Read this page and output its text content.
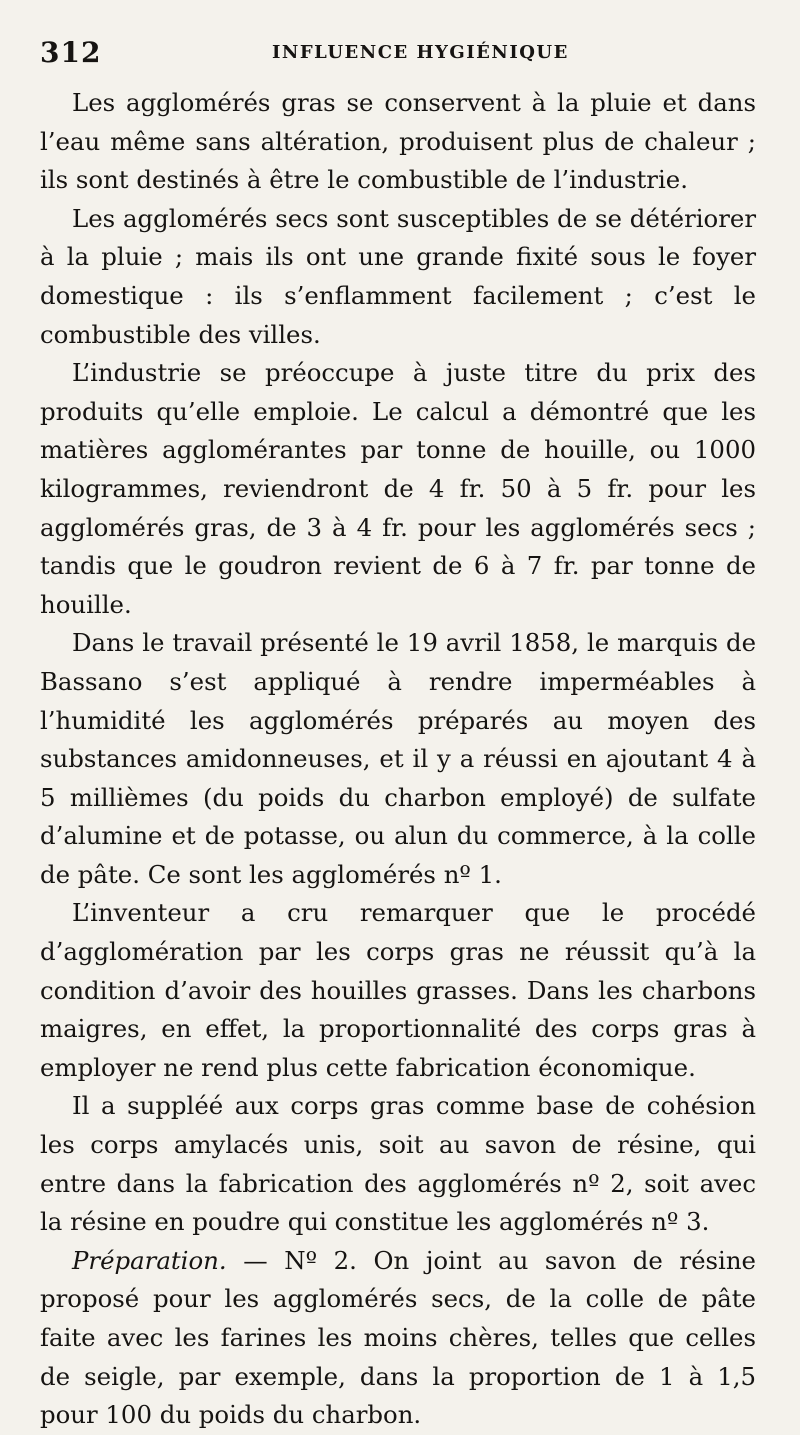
312	INFLUENCE HYGIÉNIQUE

Les agglomérés gras se conservent à la pluie et dans l’eau même sans altération, produisent plus de chaleur ; ils sont destinés à être le combustible de l’industrie.

Les agglomérés secs sont susceptibles de se détériorer à la pluie ; mais ils ont une grande fixité sous le foyer domestique : ils s’enflamment facilement ; c’est le combustible des villes.

L’industrie se préoccupe à juste titre du prix des produits qu’elle emploie. Le calcul a démontré que les matières agglomérantes par tonne de houille, ou 1000 kilogrammes, reviendront de 4 fr. 50 à 5 fr. pour les agglomérés gras, de 3 à 4 fr. pour les agglomérés secs ; tandis que le goudron revient de 6 à 7 fr. par tonne de houille.

Dans le travail présenté le 19 avril 1858, le marquis de Bassano s’est appliqué à rendre imperméables à l’humidité les agglomérés préparés au moyen des substances amidonneuses, et il y a réussi en ajoutant 4 à 5 millièmes (du poids du charbon employé) de sulfate d’alumine et de potasse, ou alun du commerce, à la colle de pâte. Ce sont les agglomérés nº 1.

L’inventeur a cru remarquer que le procédé d’agglomération par les corps gras ne réussit qu’à la condition d’avoir des houilles grasses. Dans les charbons maigres, en effet, la proportionnalité des corps gras à employer ne rend plus cette fabrication économique.

Il a suppléé aux corps gras comme base de cohésion les corps amylacés unis, soit au savon de résine, qui entre dans la fabrication des agglomérés nº 2, soit avec la résine en poudre qui constitue les agglomérés nº 3.

Préparation. — Nº 2. On joint au savon de résine proposé pour les agglomérés secs, de la colle de pâte faite avec les farines les moins chères, telles que celles de seigle, par exemple, dans la proportion de 1 à 1,5 pour 100 du poids du charbon.
